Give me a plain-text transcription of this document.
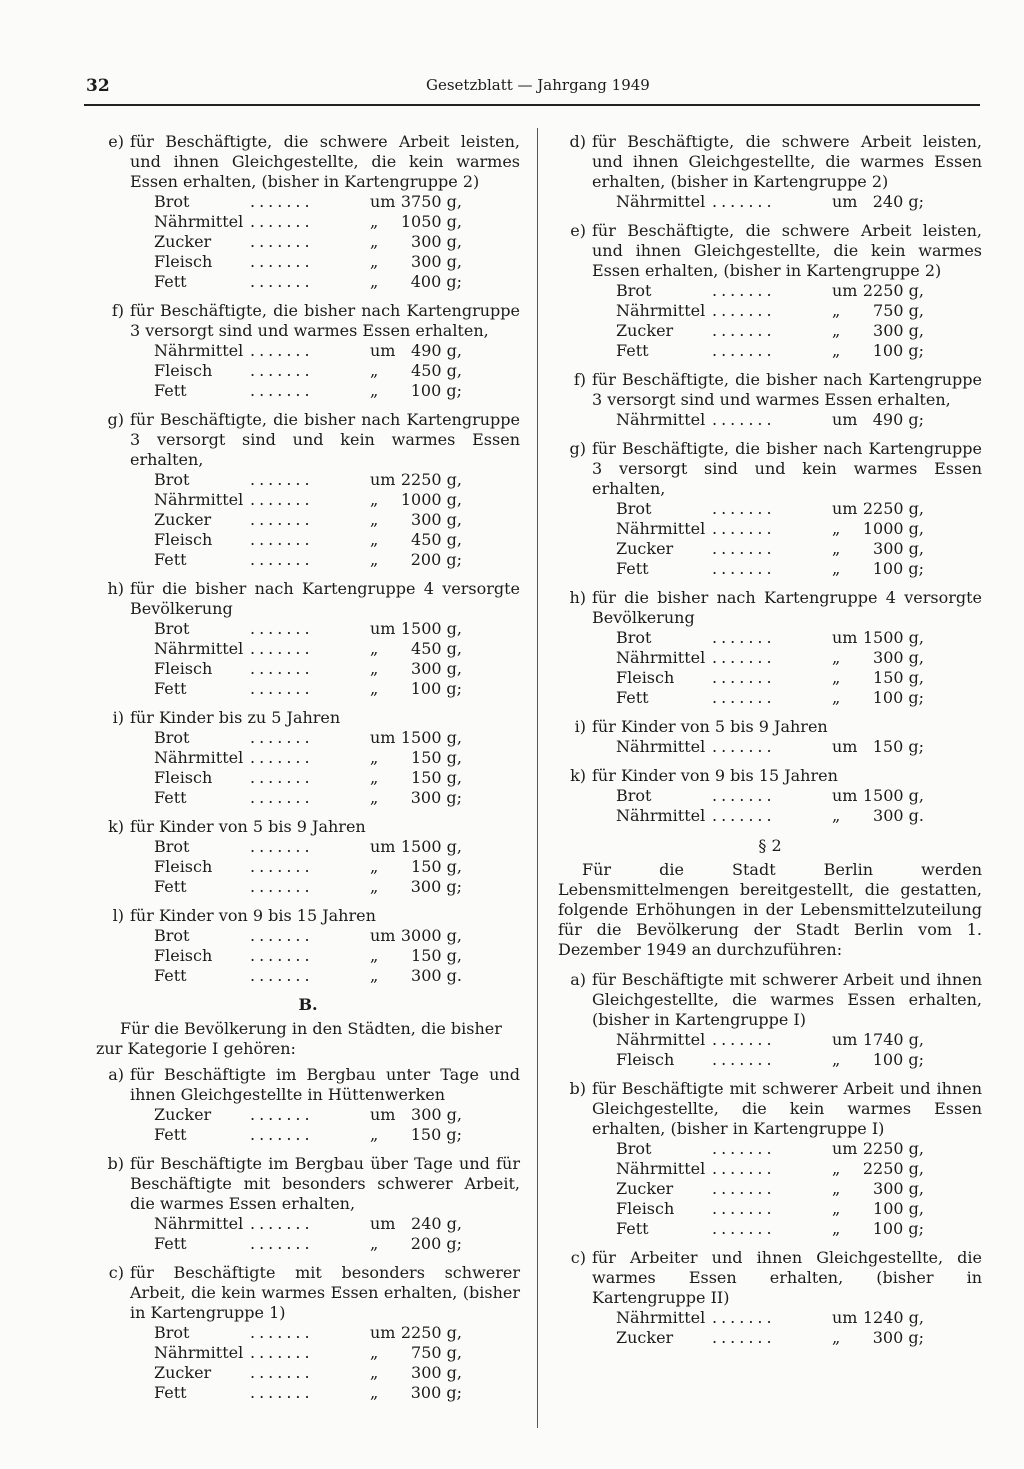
32	Gesetzblatt — Jahrgang 1949
e) für Beschäftigte, die schwere Arbeit leisten, und ihnen Gleichgestellte, die kein warmes Essen erhalten, (bisher in Kartengruppe 2)
Brot	.......	um 3750 g,
Nährmittel .......	„	1050 g,
Zucker .......	„	300 g,
Fleisch .......	„	300 g,
Fett	.......	„	400 g;
f) für Beschäftigte, die bisher nach Kartengruppe 3 versorgt sind und warmes Essen erhalten,
Nährmittel .......	um 490 g,
Fleisch .......	„	450 g,
Fett	.......	„	100 g;
g) für Beschäftigte, die bisher nach Kartengruppe 3 versorgt sind und kein warmes Essen erhalten,
Brot	.......	um 2250 g,
Nährmittel .......	„	1000 g,
Zucker .......	„	300 g,
Fleisch .......	„	450 g,
Fett	.......	„	200 g;
h) für die bisher nach Kartengruppe 4 versorgte Bevölkerung
Brot	.......	um 1500 g,
Nährmittel .......	„	450 g,
Fleisch .......	„	300 g,
Fett	.......	„	100 g;
i) für Kinder bis zu 5 Jahren
Brot	.......	um 1500 g,
Nährmittel .......	„	150 g,
Fleisch .......	„	150 g,
Fett	.......	„	300 g;
k) für Kinder von 5 bis 9 Jahren
Brot	.......	um 1500 g,
Fleisch .......	„	150 g,
Fett	.......	„	300 g;
l) für Kinder von 9 bis 15 Jahren
Brot	.......	um 3000 g,
Fleisch .......	„	150 g,
Fett	.......	„	300 g.
B.
Für die Bevölkerung in den Städten, die bisher zur Kategorie I gehören:
a) für Beschäftigte im Bergbau unter Tage und ihnen Gleichgestellte in Hüttenwerken
Zucker .......	um 300 g,
Fett	.......	„	150 g;
b) für Beschäftigte im Bergbau über Tage und für Beschäftigte mit besonders schwerer Arbeit, die warmes Essen erhalten,
Nährmittel .......	um 240 g,
Fett	.......	„	200 g;
c) für Beschäftigte mit besonders schwerer Arbeit, die kein warmes Essen erhalten, (bisher in Kartengruppe 1)
Brot	.......	um 2250 g,
Nährmittel .......	„	750 g,
Zucker .......	„	300 g,
Fett	.......	„	300 g;
d) für Beschäftigte, die schwere Arbeit leisten, und ihnen Gleichgestellte, die warmes Essen erhalten, (bisher in Kartengruppe 2)
Nährmittel .......	um 240 g;
e) für Beschäftigte, die schwere Arbeit leisten, und ihnen Gleichgestellte, die kein warmes Essen erhalten, (bisher in Kartengruppe 2)
Brot	.......	um 2250 g,
Nährmittel .......	„	750 g,
Zucker .......	„	300 g,
Fett	.......	„	100 g;
f) für Beschäftigte, die bisher nach Kartengruppe 3 versorgt sind und warmes Essen erhalten,
Nährmittel .......	um 490 g;
g) für Beschäftigte, die bisher nach Kartengruppe 3 versorgt sind und kein warmes Essen erhalten,
Brot	.......	um 2250 g,
Nährmittel .......	„	1000 g,
Zucker .......	„	300 g,
Fett	.......	„	100 g;
h) für die bisher nach Kartengruppe 4 versorgte Bevölkerung
Brot	.......	um 1500 g,
Nährmittel .......	„	300 g,
Fleisch .......	„	150 g,
Fett	.......	„	100 g;
i) für Kinder von 5 bis 9 Jahren
Nährmittel .......	um 150 g;
k) für Kinder von 9 bis 15 Jahren
Brot	.......	um 1500 g,
Nährmittel .......	„	300 g.
§ 2
Für die Stadt Berlin werden Lebensmittelmengen bereitgestellt, die gestatten, folgende Erhöhungen in der Lebensmittelzuteilung für die Bevölkerung der Stadt Berlin vom 1. Dezember 1949 an durchzuführen:
a) für Beschäftigte mit schwerer Arbeit und ihnen Gleichgestellte, die warmes Essen erhalten, (bisher in Kartengruppe I)
Nährmittel .......	um 1740 g,
Fleisch .......	„	100 g;
b) für Beschäftigte mit schwerer Arbeit und ihnen Gleichgestellte, die kein warmes Essen erhalten, (bisher in Kartengruppe I)
Brot	.......	um 2250 g,
Nährmittel .......	„	2250 g,
Zucker .......	„	300 g,
Fleisch .......	„	100 g,
Fett	.......	„	100 g;
c) für Arbeiter und ihnen Gleichgestellte, die warmes Essen erhalten, (bisher in Kartengruppe II)
Nährmittel .......	um 1240 g,
Zucker .......	„	300 g;
